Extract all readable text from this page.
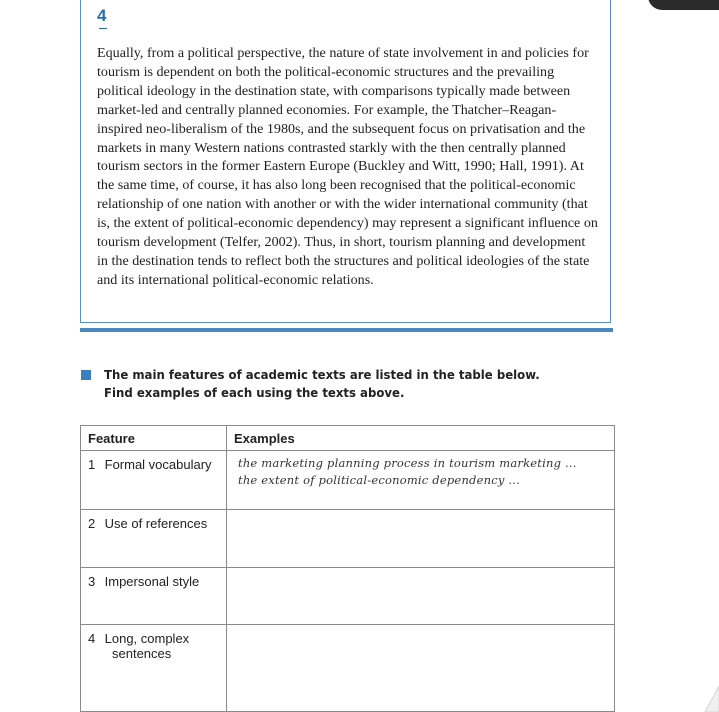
4

Equally, from a political perspective, the nature of state involvement in and policies for tourism is dependent on both the political-economic structures and the prevailing political ideology in the destination state, with comparisons typically made between market-led and centrally planned economies. For example, the Thatcher–Reagan-inspired neo-liberalism of the 1980s, and the subsequent focus on privatisation and the markets in many Western nations contrasted starkly with the then centrally planned tourism sectors in the former Eastern Europe (Buckley and Witt, 1990; Hall, 1991). At the same time, of course, it has also long been recognised that the political-economic relationship of one nation with another or with the wider international community (that is, the extent of political-economic dependency) may represent a significant influence on tourism development (Telfer, 2002). Thus, in short, tourism planning and development in the destination tends to reflect both the structures and political ideologies of the state and its international political-economic relations.

The main features of academic texts are listed in the table below. Find examples of each using the texts above.

Feature	Examples
1 Formal vocabulary	the marketing planning process in tourism marketing ...
the extent of political-economic dependency ...

2 Use of references	
3 Impersonal style	
4 Long, complex
sentences	
